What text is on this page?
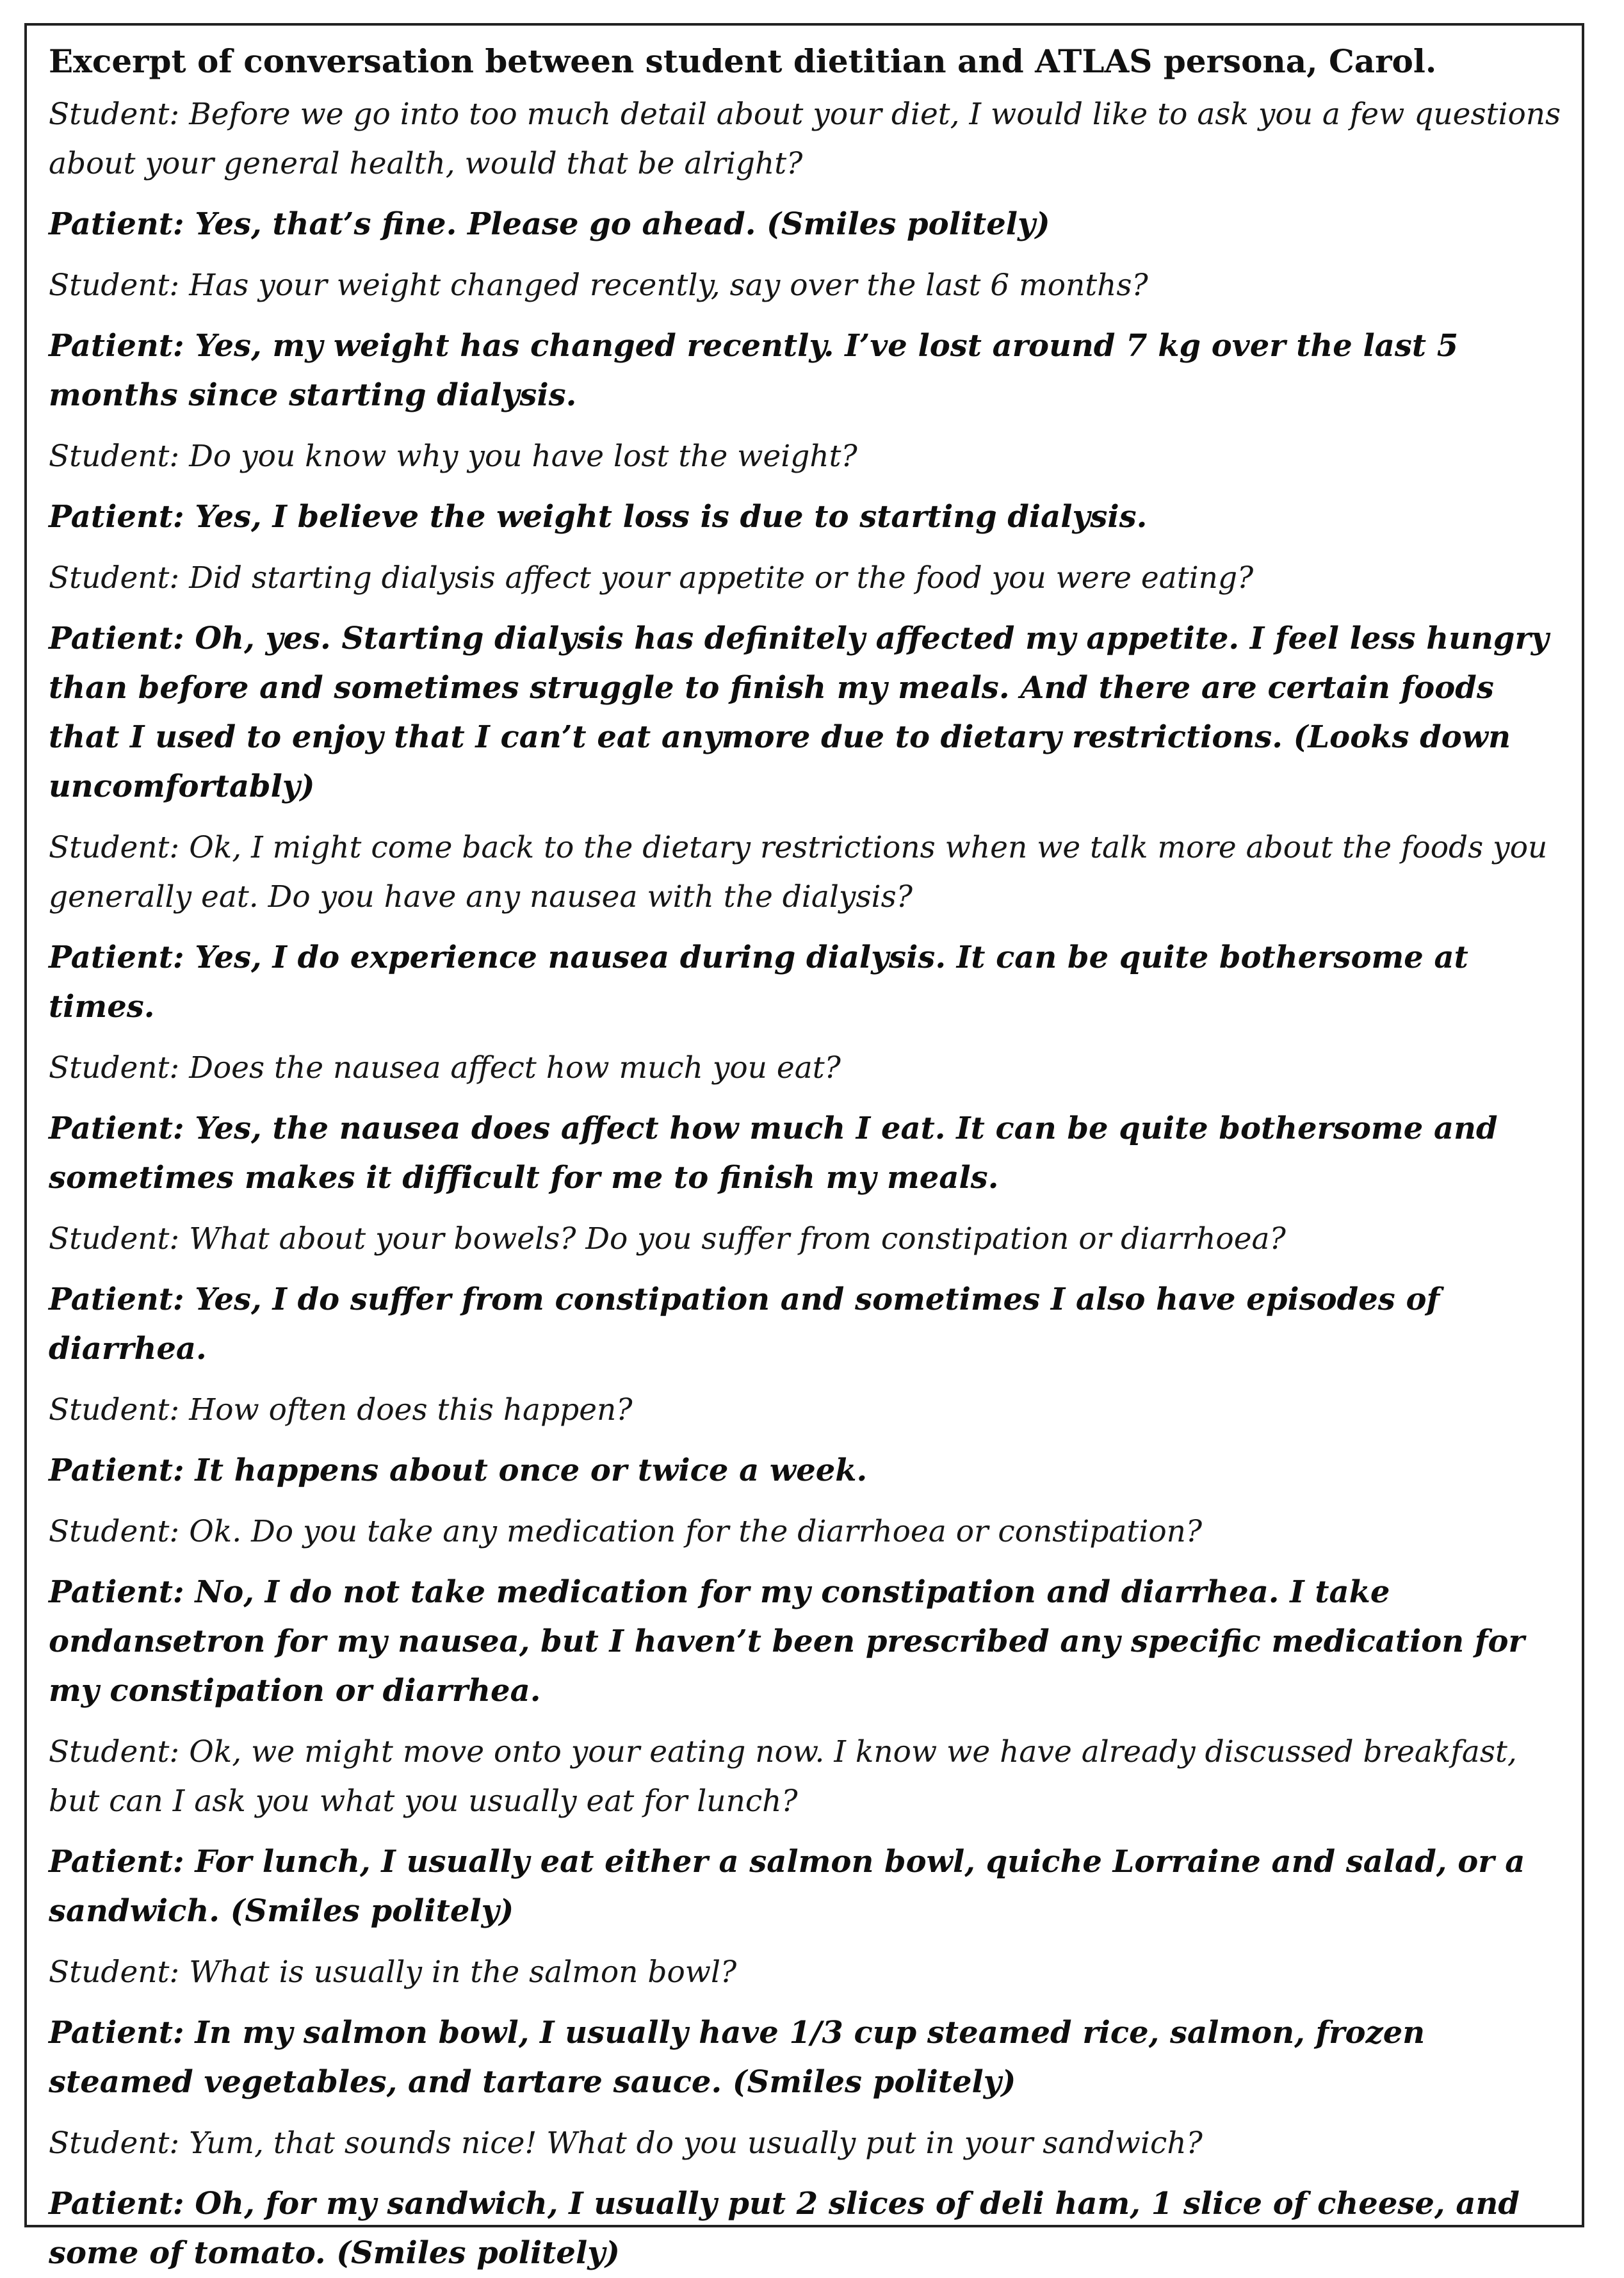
Excerpt of conversation between student dietitian and ATLAS persona, Carol.
Student: Before we go into too much detail about your diet, I would like to ask you a few questions about your general health, would that be alright?
Patient: Yes, that’s fine. Please go ahead. (Smiles politely)
Student: Has your weight changed recently, say over the last 6 months?
Patient: Yes, my weight has changed recently. I’ve lost around 7 kg over the last 5 months since starting dialysis.
Student: Do you know why you have lost the weight?
Patient: Yes, I believe the weight loss is due to starting dialysis.
Student: Did starting dialysis affect your appetite or the food you were eating?
Patient: Oh, yes. Starting dialysis has definitely affected my appetite. I feel less hungry than before and sometimes struggle to finish my meals. And there are certain foods that I used to enjoy that I can’t eat anymore due to dietary restrictions. (Looks down uncomfortably)
Student: Ok, I might come back to the dietary restrictions when we talk more about the foods you generally eat. Do you have any nausea with the dialysis?
Patient: Yes, I do experience nausea during dialysis. It can be quite bothersome at times.
Student: Does the nausea affect how much you eat?
Patient: Yes, the nausea does affect how much I eat. It can be quite bothersome and sometimes makes it difficult for me to finish my meals.
Student: What about your bowels? Do you suffer from constipation or diarrhoea?
Patient: Yes, I do suffer from constipation and sometimes I also have episodes of diarrhea.
Student: How often does this happen?
Patient: It happens about once or twice a week.
Student: Ok. Do you take any medication for the diarrhoea or constipation?
Patient: No, I do not take medication for my constipation and diarrhea. I take ondansetron for my nausea, but I haven’t been prescribed any specific medication for my constipation or diarrhea.
Student: Ok, we might move onto your eating now. I know we have already discussed breakfast, but can I ask you what you usually eat for lunch?
Patient: For lunch, I usually eat either a salmon bowl, quiche Lorraine and salad, or a sandwich. (Smiles politely)
Student: What is usually in the salmon bowl?
Patient: In my salmon bowl, I usually have 1/3 cup steamed rice, salmon, frozen steamed vegetables, and tartare sauce. (Smiles politely)
Student: Yum, that sounds nice! What do you usually put in your sandwich?
Patient: Oh, for my sandwich, I usually put 2 slices of deli ham, 1 slice of cheese, and some of tomato. (Smiles politely)
